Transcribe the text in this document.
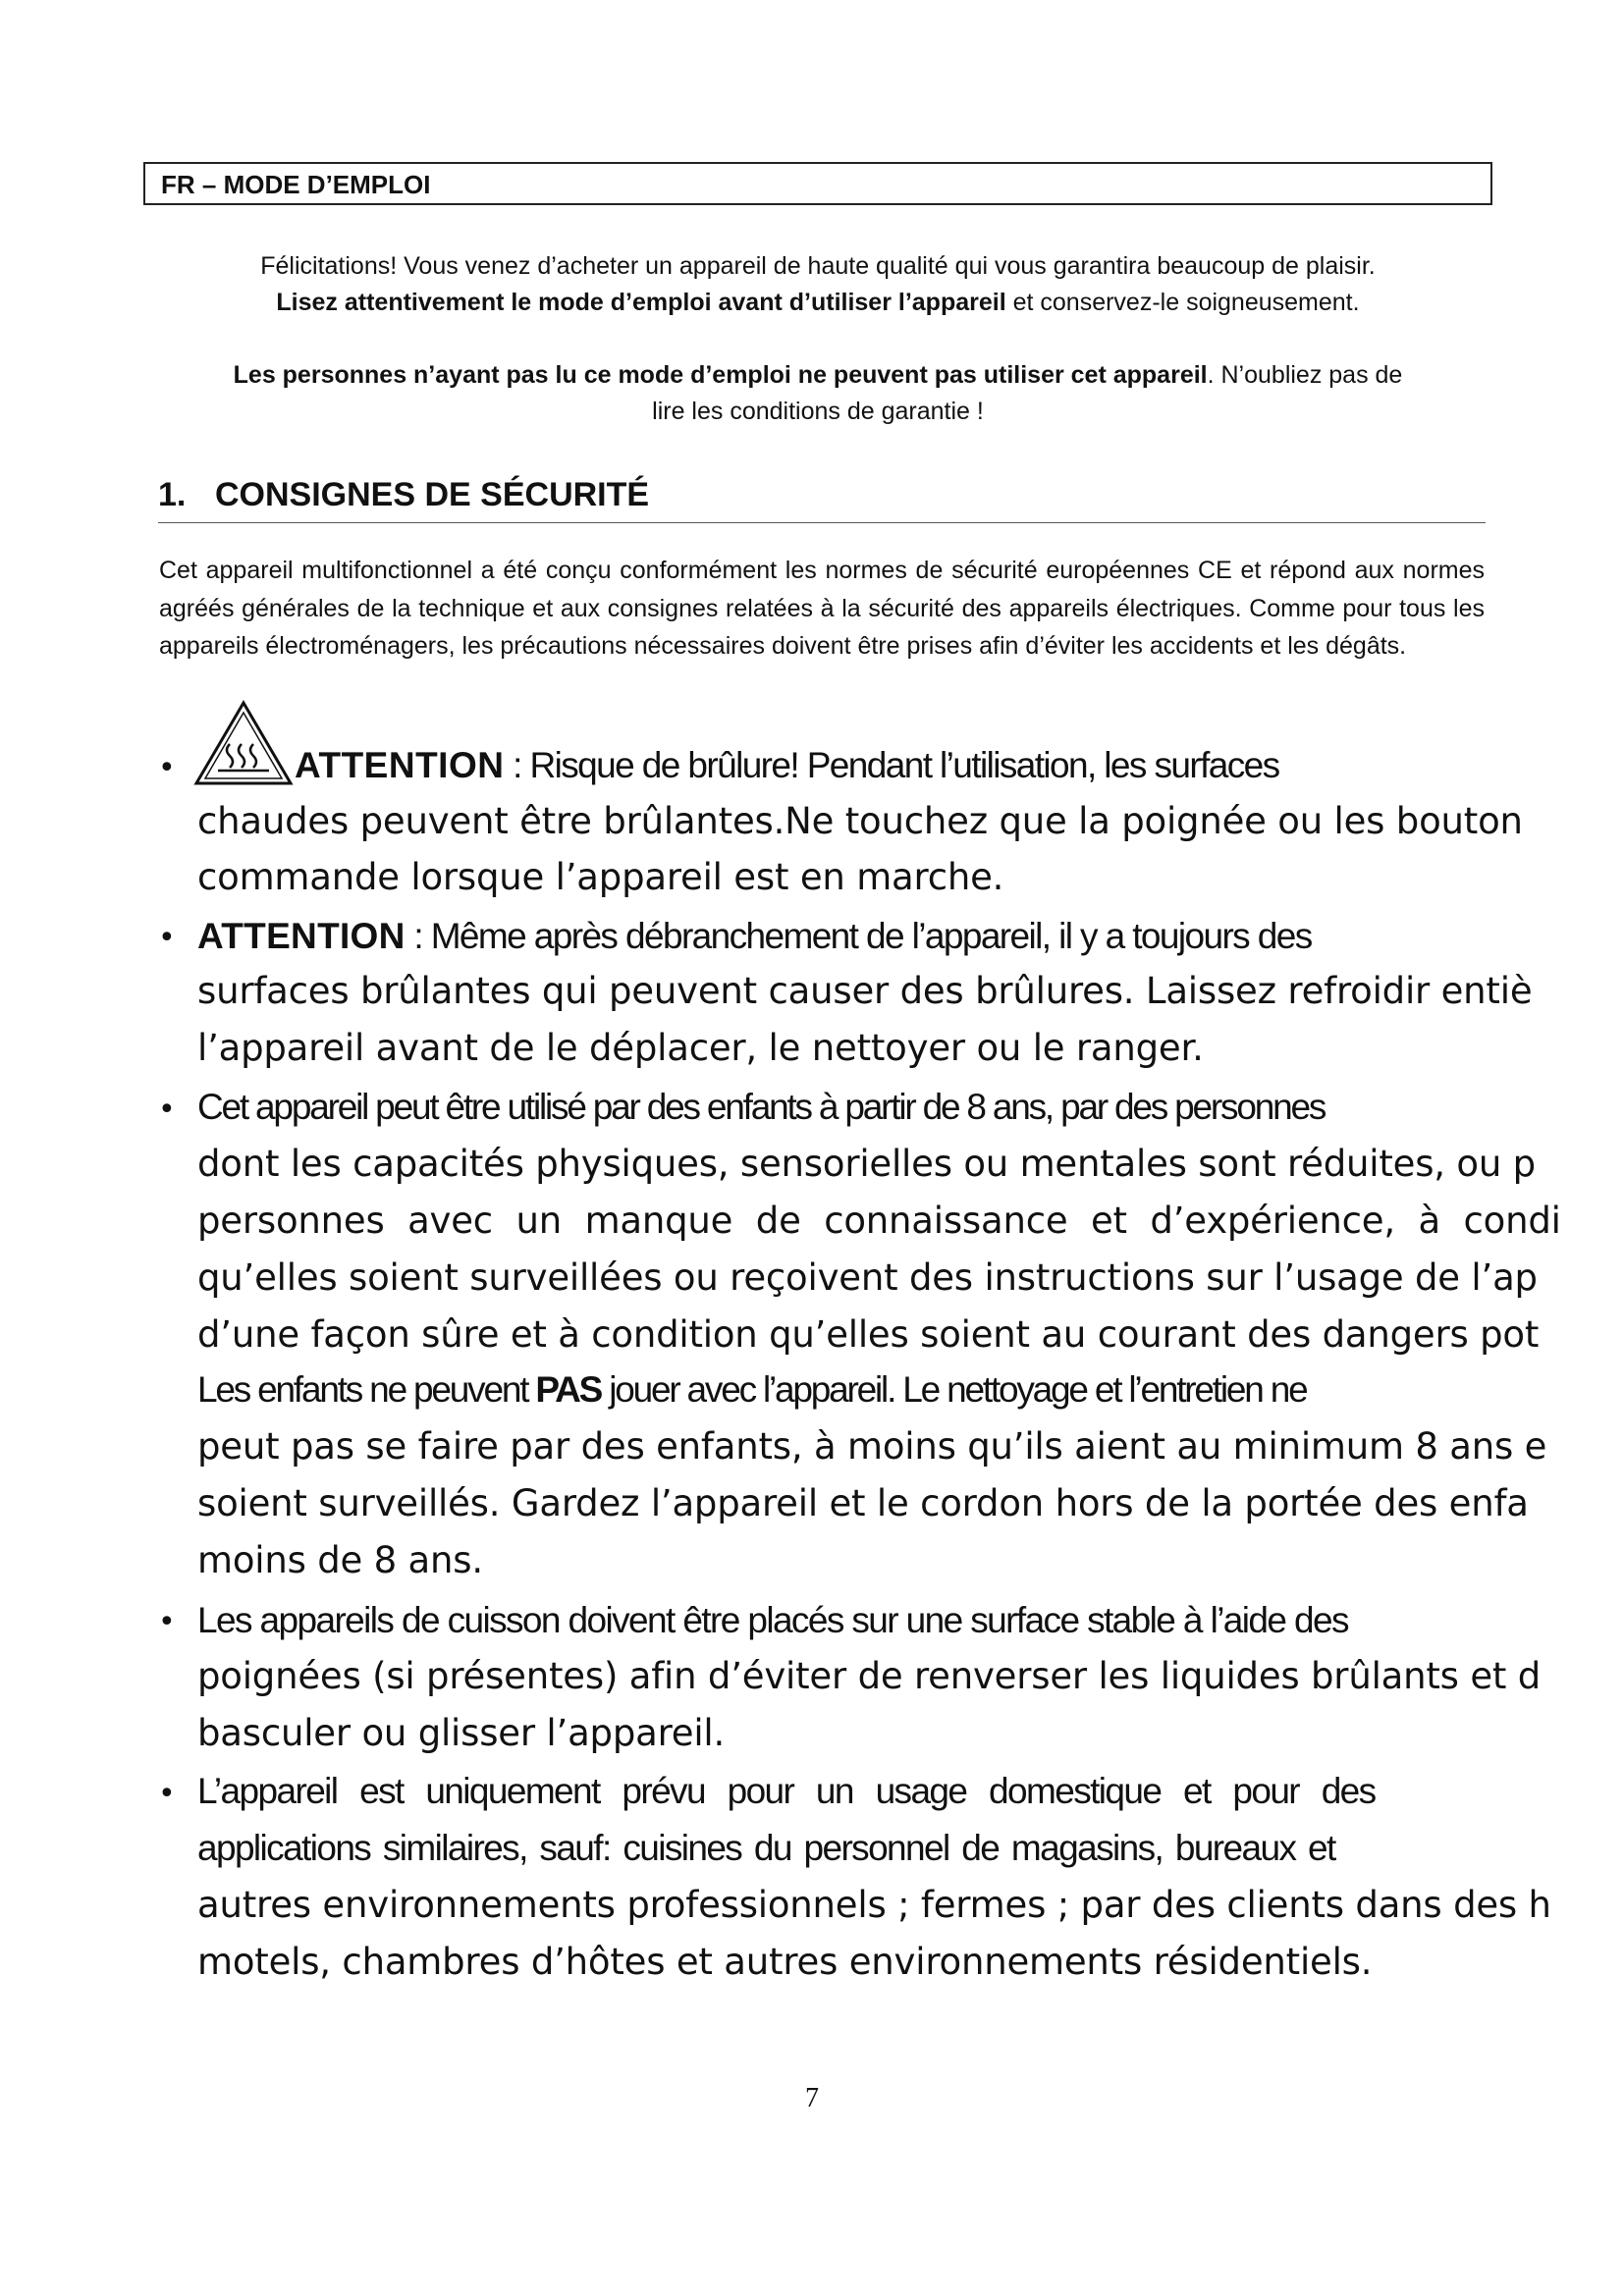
FR – MODE D’EMPLOI
Félicitations! Vous venez d’acheter un appareil de haute qualité qui vous garantira beaucoup de plaisir.
Lisez attentivement le mode d’emploi avant d’utiliser l’appareil et conservez-le soigneusement.
Les personnes n’ayant pas lu ce mode d’emploi ne peuvent pas utiliser cet appareil. N’oubliez pas de
lire les conditions de garantie !
1. CONSIGNES DE SÉCURITÉ
Cet appareil multifonctionnel a été conçu conformément les normes de sécurité européennes CE et répond aux normes agréés générales de la technique et aux consignes relatées à la sécurité des appareils électriques. Comme pour tous les appareils électroménagers, les précautions nécessaires doivent être prises afin d’éviter les accidents et les dégâts.
•	ATTENTION : Risque de brûlure! Pendant l’utilisation, les surfaces
chaudes peuvent être brûlantes.Ne touchez que la poignée ou les bouton
commande lorsque l’appareil est en marche.
• ATTENTION : Même après débranchement de l’appareil, il y a toujours des
surfaces brûlantes qui peuvent causer des brûlures. Laissez refroidir entiè
l’appareil avant de le déplacer, le nettoyer ou le ranger.
• Cet appareil peut être utilisé par des enfants à partir de 8 ans, par des personnes
dont les capacités physiques, sensorielles ou mentales sont réduites, ou p
personnes avec un manque de connaissance et d’expérience, à condi
qu’elles soient surveillées ou reçoivent des instructions sur l’usage de l’ap
d’une façon sûre et à condition qu’elles soient au courant des dangers pot
Les enfants ne peuvent PAS jouer avec l’appareil. Le nettoyage et l’entretien ne
peut pas se faire par des enfants, à moins qu’ils aient au minimum 8 ans e
soient surveillés. Gardez l’appareil et le cordon hors de la portée des enfa
moins de 8 ans.
• Les appareils de cuisson doivent être placés sur une surface stable à l’aide des
poignées (si présentes) afin d’éviter de renverser les liquides brûlants et d
basculer ou glisser l’appareil.
• L’appareil est uniquement prévu pour un usage domestique et pour des
applications similaires, sauf: cuisines du personnel de magasins, bureaux et
autres environnements professionnels ; fermes ; par des clients dans des h
motels, chambres d’hôtes et autres environnements résidentiels.
7
